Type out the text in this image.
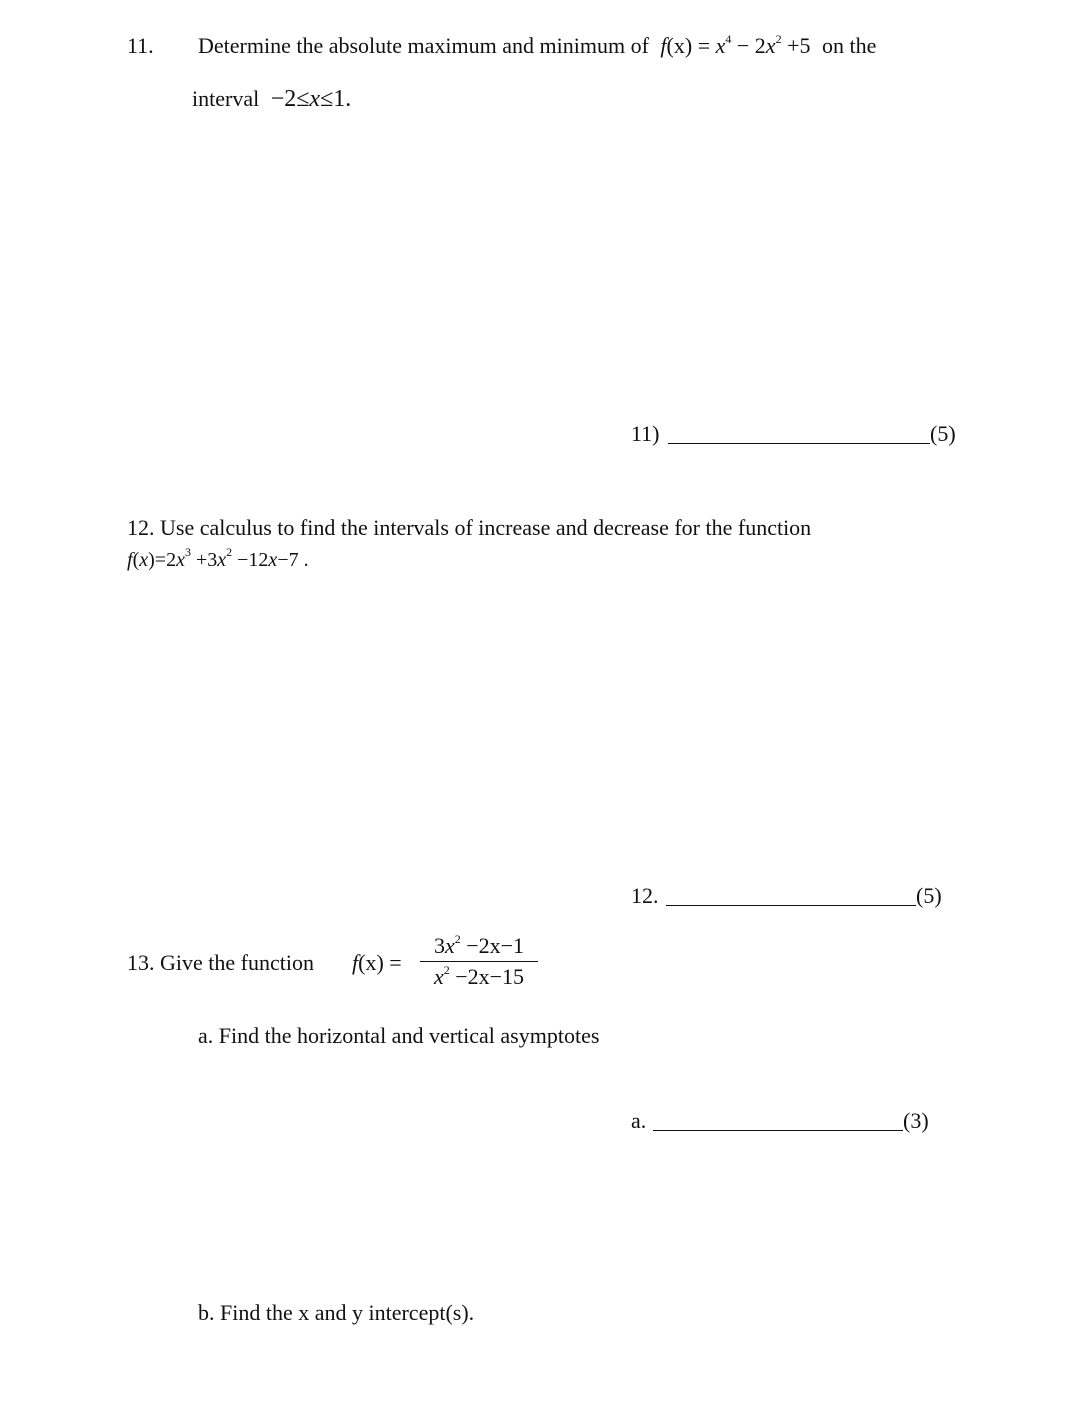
11. Determine the absolute maximum and minimum of $f(x) = x^4 - 2x^2 +5$ on the
interval −2≤x≤1.
11)	(5)
12. Use calculus to find the intervals of increase and decrease for the function
$f(x)=2x^3 +3x^2 -12x-7$ .
12.	(5)
13. Give the function f(x) =
$3x^2 -2x-1$
$x^2 -2x-15$
a. Find the horizontal and vertical asymptotes
a.	(3)
b. Find the x and y intercept(s).
